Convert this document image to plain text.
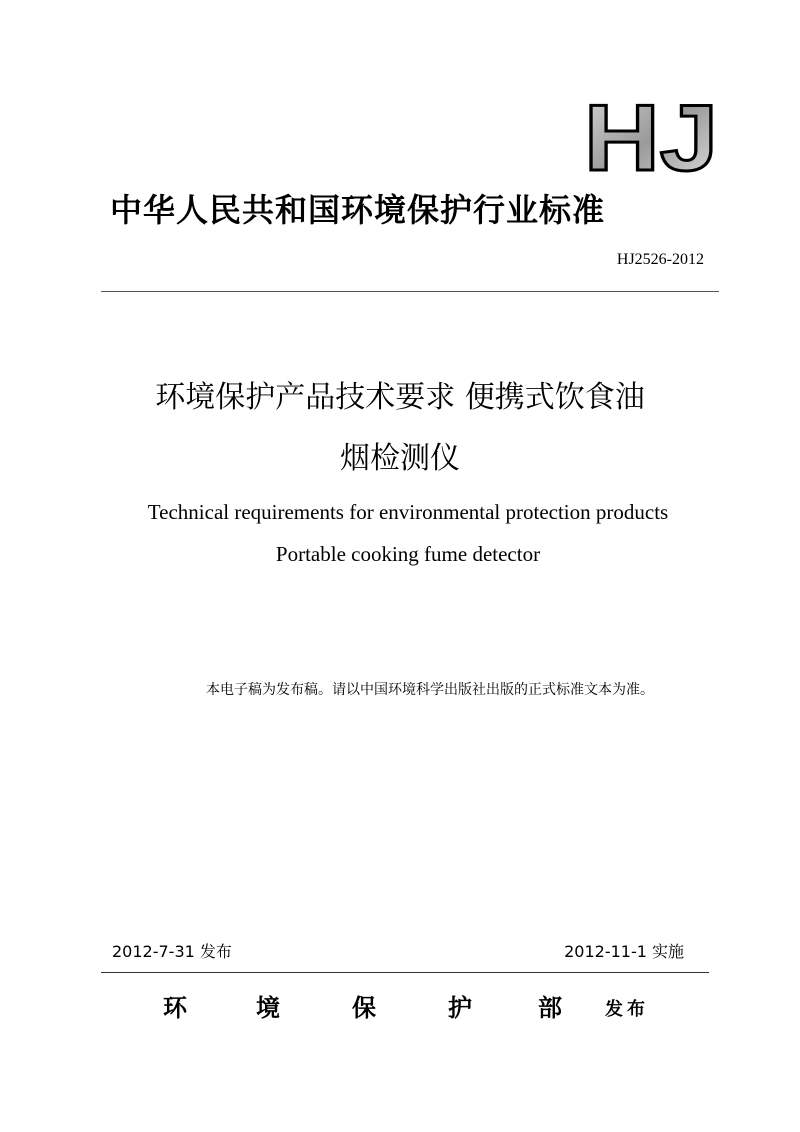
HJ
中华人民共和国环境保护行业标准
HJ2526-2012
环境保护产品技术要求 便携式饮食油
烟检测仪
Technical requirements for environmental protection products
Portable cooking fume detector
本电子稿为发布稿。请以中国环境科学出版社出版的正式标准文本为准。
2012-7-31 发布	2012-11-1 实施
环	境	保	护	部 发布
